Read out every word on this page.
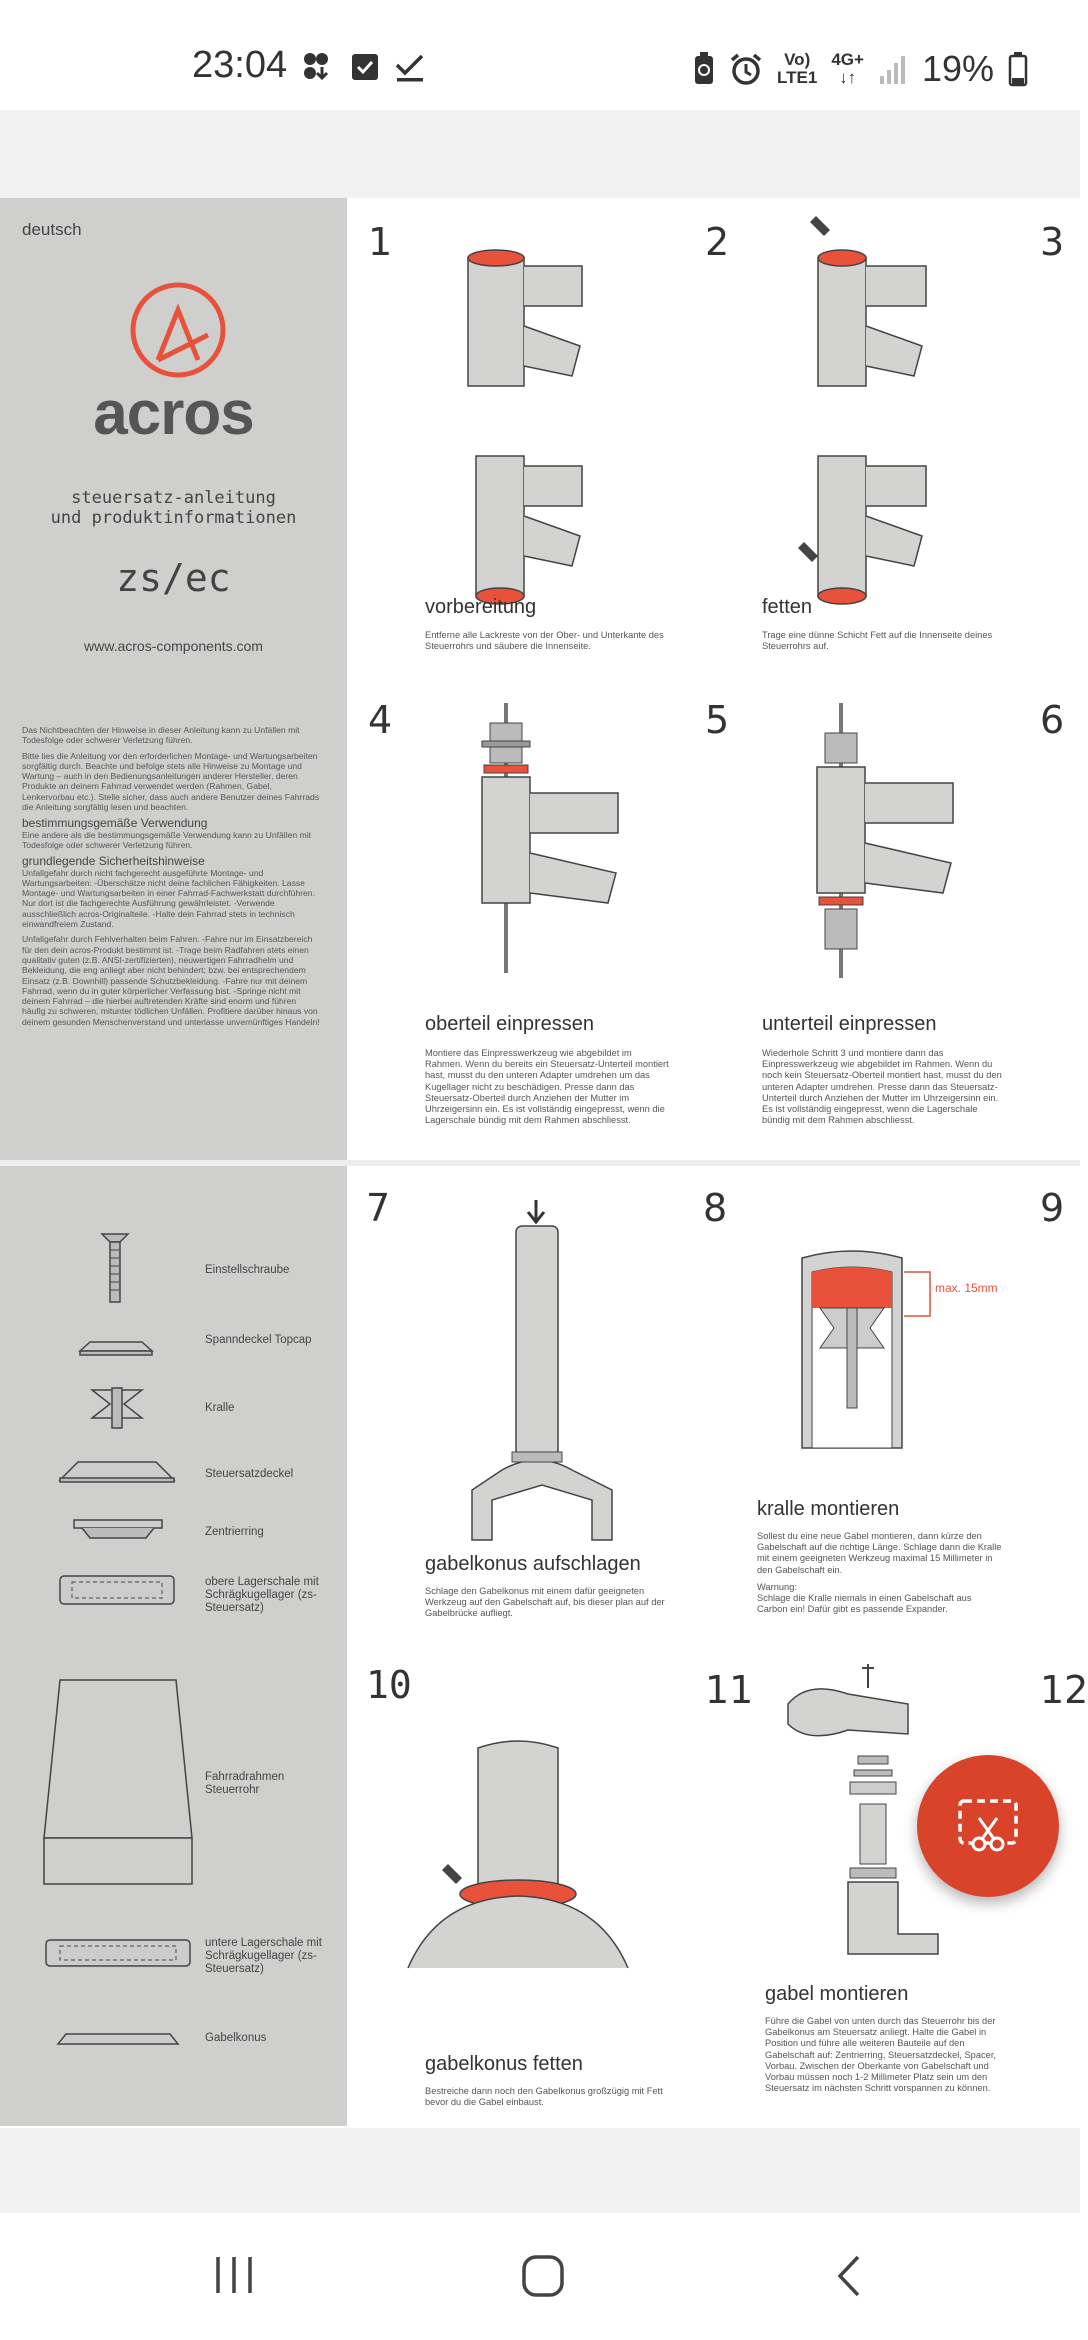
23:04	Vo)
LTE1
4G+
↓↑ 19%
deutsch
acros
steuersatz-anleitung
und produktinformationen
zs/ec
www.acros-components.com

Das Nichtbeachten der Hinweise in dieser Anleitung kann zu Unfällen mit Todesfolge oder schwerer Verletzung führen.

Bitte lies die Anleitung vor den erforderlichen Montage- und Wartungsarbeiten sorgfältig durch. Beachte und befolge stets alle Hinweise zu Montage und Wartung – auch in den Bedienungsanleitungen anderer Hersteller, deren Produkte an deinem Fahrrad verwendet werden (Rahmen, Gabel, Lenkervorbau etc.). Stelle sicher, dass auch andere Benutzer deines Fahrrads die Anleitung sorgfältig lesen und beachten.

bestimmungsgemäße Verwendung

Eine andere als die bestimmungsgemäße Verwendung kann zu Unfällen mit Todesfolge oder schwerer Verletzung führen.

grundlegende Sicherheitshinweise

Unfallgefahr durch nicht fachgerecht ausgeführte Montage- und Wartungsarbeiten: -Überschätze nicht deine fachlichen Fähigkeiten. Lasse Montage- und Wartungsarbeiten in einer Fahrrad-Fachwerkstatt durchführen. Nur dort ist die fachgerechte Ausführung gewährleistet. -Verwende ausschließlich acros-Originalteile. -Halte dein Fahrrad stets in technisch einwandfreiem Zustand.

Unfallgefahr durch Fehlverhalten beim Fahren. -Fahre nur im Einsatzbereich für den dein acros-Produkt bestimmt ist. -Trage beim Radfahren stets einen qualitativ guten (z.B. ANSI-zertifizierten), neuwertigen Fahrradhelm und Bekleidung, die eng anliegt aber nicht behindert; bzw. bei entsprechendem Einsatz (z.B. Downhill) passende Schutzbekleidung. -Fahre nur mit deinem Fahrrad, wenn du in guter körperlicher Verfassung bist. -Springe nicht mit deinem Fahrrad – die hierbei auftretenden Kräfte sind enorm und führen häufig zu schweren, mitunter tödlichen Unfällen. Profitiere darüber hinaus von deinem gesunden Menschenverstand und unterlasse unvernünftiges Handeln!

Einstellschraube
Spanndeckel Topcap
Kralle
Steuersatzdeckel
Zentrierring
obere Lagerschale mit Schrägkugellager (zs-Steuersatz)
Fahrradrahmen Steuerrohr
untere Lagerschale mit Schrägkugellager (zs-Steuersatz)
Gabelkonus
1
vorbereitung
Entferne alle Lackreste von der Ober- und Unterkante des Steuerrohrs und säubere die Innenseite.
2
fetten
Trage eine dünne Schicht Fett auf die Innenseite deines Steuerrohrs auf.
3
4
oberteil einpressen
Montiere das Einpresswerkzeug wie abgebildet im Rahmen. Wenn du bereits ein Steuersatz-Unterteil montiert hast, musst du den unteren Adapter umdrehen um das Kugellager nicht zu beschädigen. Presse dann das Steuersatz-Oberteil durch Anziehen der Mutter im Uhrzeigersinn ein. Es ist vollständig eingepresst, wenn die Lagerschale bündig mit dem Rahmen abschliesst.
5
unterteil einpressen
Wiederhole Schritt 3 und montiere dann das Einpresswerkzeug wie abgebildet im Rahmen. Wenn du noch kein Steuersatz-Oberteil montiert hast, musst du den unteren Adapter umdrehen. Presse dann das Steuersatz-Unterteil durch Anziehen der Mutter im Uhrzeigersinn ein. Es ist vollständig eingepresst, wenn die Lagerschale bündig mit dem Rahmen abschliesst.
6
7
gabelkonus aufschlagen
Schlage den Gabelkonus mit einem dafür geeigneten Werkzeug auf den Gabelschaft auf, bis dieser plan auf der Gabelbrücke aufliegt.
8
max. 15mm
kralle montieren
Sollest du eine neue Gabel montieren, dann kürze den Gabelschaft auf die richtige Länge. Schlage dann die Kralle mit einem geeigneten Werkzeug maximal 15 Millimeter in den Gabelschaft ein.
Warnung:
Schlage die Kralle niemals in einen Gabelschaft aus Carbon ein! Dafür gibt es passende Expander.
9
10
gabelkonus fetten
Bestreiche dann noch den Gabelkonus großzügig mit Fett bevor du die Gabel einbaust.
11
gabel montieren
Führe die Gabel von unten durch das Steuerrohr bis der Gabelkonus am Steuersatz anliegt. Halte die Gabel in Position und führe alle weiteren Bauteile auf den Gabelschaft auf: Zentrierring, Steuersatzdeckel, Spacer, Vorbau. Zwischen der Oberkante von Gabelschaft und Vorbau müssen noch 1-2 Millimeter Platz sein um den Steuersatz im nächsten Schritt vorspannen zu können.
12
